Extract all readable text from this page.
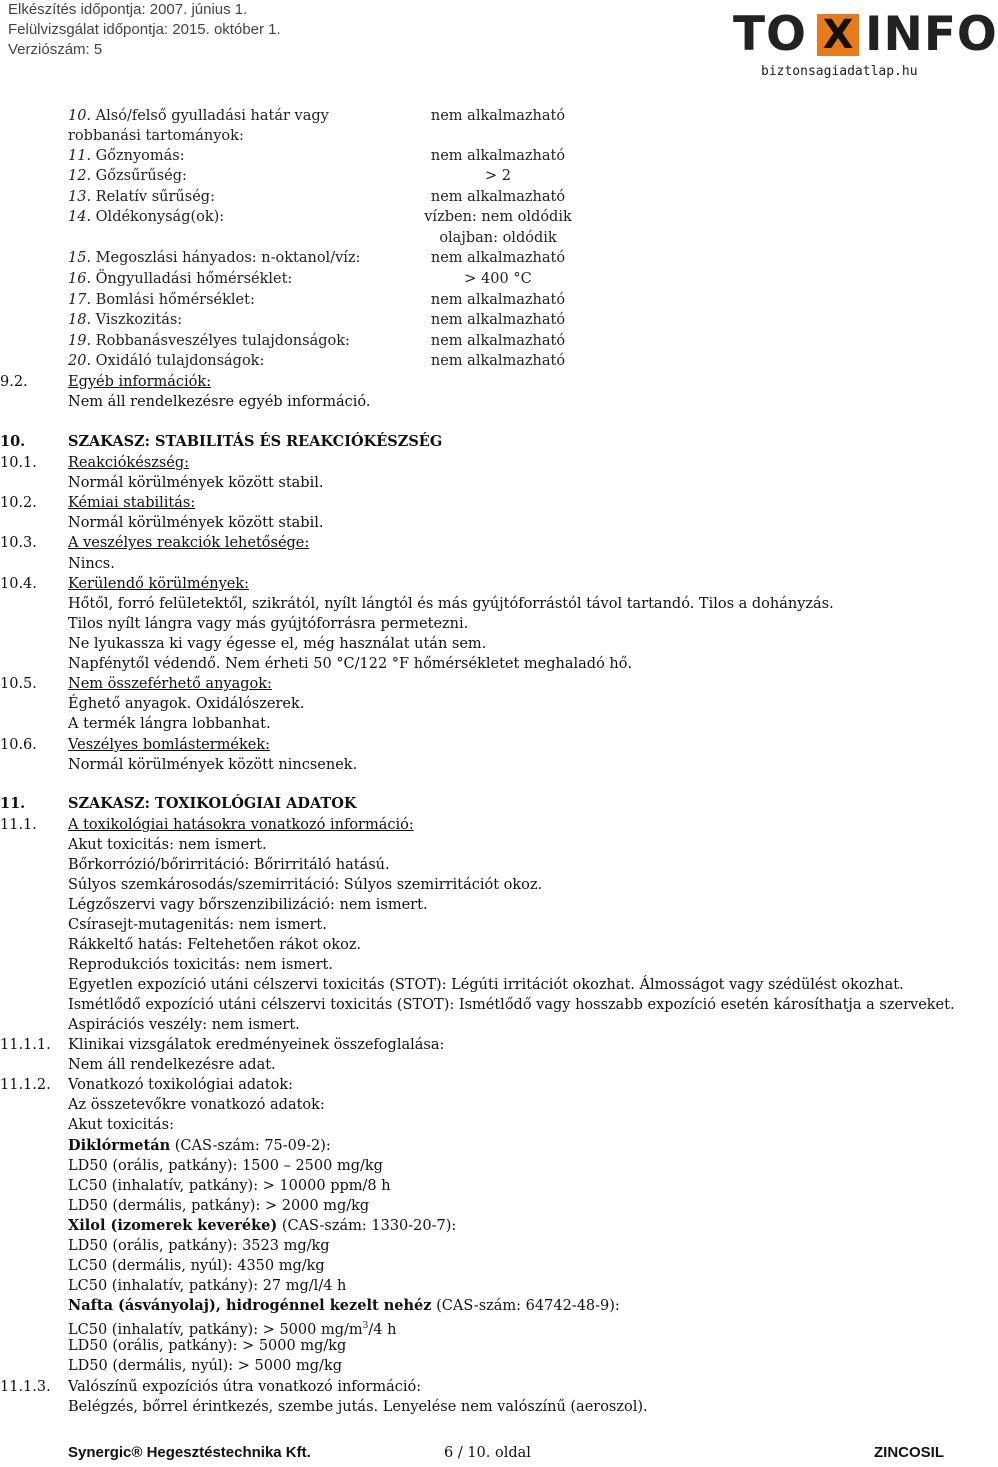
Elkészítés időpontja: 2007. június 1.
Felülvizsgálat időpontja: 2015. október 1.
Verziószám: 5	TO X INFO
biztonsagiadatlap.hu
10. Alsó/felső gyulladási határ vagy	nem alkalmazható
robbanási tartományok:
11. Gőznyomás:	nem alkalmazható
12. Gőzsűrűség:	> 2
13. Relatív sűrűség:	nem alkalmazható
14. Oldékonyság(ok):	vízben: nem oldódik
olajban: oldódik
15. Megoszlási hányados: n-oktanol/víz:	nem alkalmazható
16. Öngyulladási hőmérséklet:	> 400 °C
17. Bomlási hőmérséklet:	nem alkalmazható
18. Viszkozitás:	nem alkalmazható
19. Robbanásveszélyes tulajdonságok:	nem alkalmazható
20. Oxidáló tulajdonságok:	nem alkalmazható
9.2.	Egyéb információk:
Nem áll rendelkezésre egyéb információ.
10.	SZAKASZ: STABILITÁS ÉS REAKCIÓKÉSZSÉG
10.1. Reakciókészség:
Normál körülmények között stabil.
10.2. Kémiai stabilitás:
Normál körülmények között stabil.
10.3. A veszélyes reakciók lehetősége:
Nincs.
10.4. Kerülendő körülmények:
Hőtől, forró felületektől, szikrától, nyílt lángtól és más gyújtóforrástól távol tartandó. Tilos a dohányzás.
Tilos nyílt lángra vagy más gyújtóforrásra permetezni.
Ne lyukassza ki vagy égesse el, még használat után sem.
Napfénytől védendő. Nem érheti 50 °C/122 °F hőmérsékletet meghaladó hő.
10.5. Nem összeférhető anyagok:
Éghető anyagok. Oxidálószerek.
A termék lángra lobbanhat.
10.6. Veszélyes bomlástermékek:
Normál körülmények között nincsenek.
11.	SZAKASZ: TOXIKOLÓGIAI ADATOK
11.1. A toxikológiai hatásokra vonatkozó információ:
Akut toxicitás: nem ismert.
Bőrkorrózió/bőrirritáció: Bőrirritáló hatású.
Súlyos szemkárosodás/szemirritáció: Súlyos szemirritációt okoz.
Légzőszervi vagy bőrszenzibilizáció: nem ismert.
Csírasejt-mutagenitás: nem ismert.
Rákkeltő hatás: Feltehetően rákot okoz.
Reprodukciós toxicitás: nem ismert.
Egyetlen expozíció utáni célszervi toxicitás (STOT): Légúti irritációt okozhat. Álmosságot vagy szédülést okozhat.
Ismétlődő expozíció utáni célszervi toxicitás (STOT): Ismétlődő vagy hosszabb expozíció esetén károsíthatja a szerveket.
Aspirációs veszély: nem ismert.
11.1.1. Klinikai vizsgálatok eredményeinek összefoglalása:
Nem áll rendelkezésre adat.
11.1.2. Vonatkozó toxikológiai adatok:
Az összetevőkre vonatkozó adatok:
Akut toxicitás:
Diklórmetán (CAS-szám: 75-09-2):
LD50 (orális, patkány): 1500 – 2500 mg/kg
LC50 (inhalatív, patkány): > 10000 ppm/8 h
LD50 (dermális, patkány): > 2000 mg/kg
Xilol (izomerek keveréke) (CAS-szám: 1330-20-7):
LD50 (orális, patkány): 3523 mg/kg
LC50 (dermális, nyúl): 4350 mg/kg
LC50 (inhalatív, patkány): 27 mg/l/4 h
Nafta (ásványolaj), hidrogénnel kezelt nehéz (CAS-szám: 64742-48-9):
LC50 (inhalatív, patkány): > 5000 $mg/m^3/4$ h
LD50 (orális, patkány): > 5000 mg/kg
LD50 (dermális, nyúl): > 5000 mg/kg
11.1.3. Valószínű expozíciós útra vonatkozó információ:
Belégzés, bőrrel érintkezés, szembe jutás. Lenyelése nem valószínű (aeroszol).
Synergic® Hegesztéstechnika Kft.	6 / 10. oldal	ZINCOSIL
